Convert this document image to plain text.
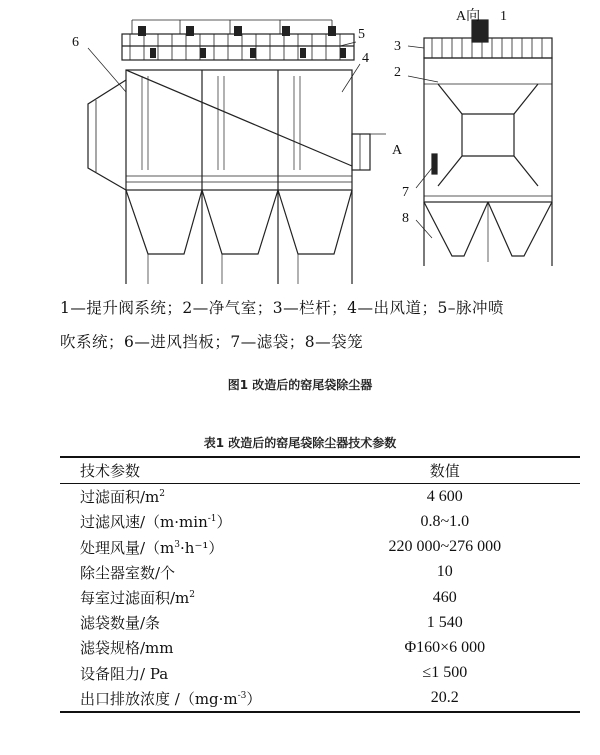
6
5
4
A
A向 1
3
2
7
8
1—提升阀系统；2—净气室；3—栏杆；4—出风道；5–脉冲喷
吹系统；6—进风挡板；7—滤袋；8—袋笼
图1 改造后的窑尾袋除尘器
表1 改造后的窑尾袋除尘器技术参数
技术参数	数值
过滤面积$/m^2$	4 600
过滤风速$/(m\cdot\min^{-1})$	0.8~1.0
处理风量$/(m^3\cdot h^{-1})$	220 000~276 000
除尘器室数/个	10
每室过滤面积$/m^2$	460
滤袋数量/条	1 540
滤袋规格/mm	Φ160×6 000
设备阻力/ Pa	≤1 500
出口排放浓度 $/(mg\cdot m^{-3})$	20.2
